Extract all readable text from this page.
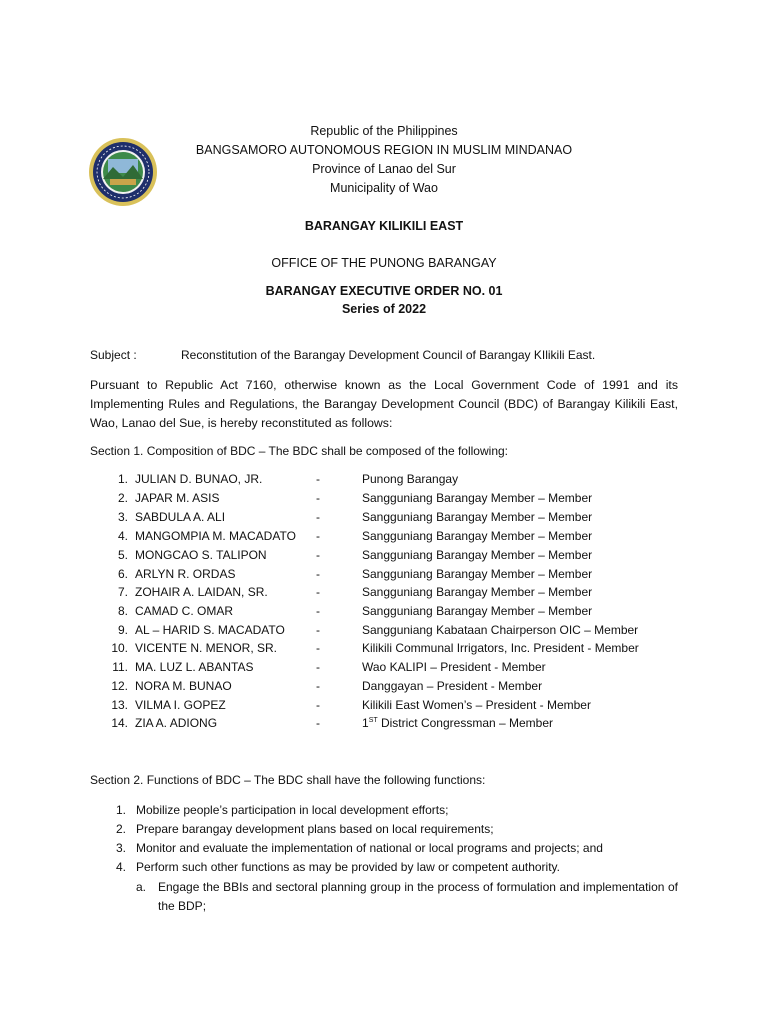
Republic of the Philippines
BANGSAMORO AUTONOMOUS REGION IN MUSLIM MINDANAO
Province of Lanao del Sur
Municipality of Wao
BARANGAY KILIKILI EAST
OFFICE OF THE PUNONG BARANGAY
BARANGAY EXECUTIVE ORDER NO. 01
Series of 2022
Subject :	Reconstitution of the Barangay Development Council of Barangay KIlikili East.
Pursuant to Republic Act 7160, otherwise known as the Local Government Code of 1991 and its Implementing Rules and Regulations, the Barangay Development Council (BDC) of Barangay Kilikili East, Wao, Lanao del Sue, is hereby reconstituted as follows:
Section 1. Composition of BDC – The BDC shall be composed of the following:
1. JULIAN D. BUNAO, JR.	-	Punong Barangay
2. JAPAR M. ASIS	-	Sangguniang Barangay Member – Member
3. SABDULA A. ALI	-	Sangguniang Barangay Member – Member
4. MANGOMPIA M. MACADATO -	Sangguniang Barangay Member – Member
5. MONGCAO S. TALIPON	-	Sangguniang Barangay Member – Member
6. ARLYN R. ORDAS	-	Sangguniang Barangay Member – Member
7. ZOHAIR A. LAIDAN, SR.	-	Sangguniang Barangay Member – Member
8. CAMAD C. OMAR	-	Sangguniang Barangay Member – Member
9. AL – HARID S. MACADATO	-	Sangguniang Kabataan Chairperson OIC – Member
10. VICENTE N. MENOR, SR.	-	Kilikili Communal Irrigators, Inc. President - Member
11. MA. LUZ L. ABANTAS	-	Wao KALIPI – President - Member
12. NORA M. BUNAO	-	Danggayan – President - Member
13. VILMA I. GOPEZ	-	Kilikili East Women’s – President - Member
14. ZIA A. ADIONG	-	1ST District Congressman – Member
Section 2. Functions of BDC – The BDC shall have the following functions:
1. Mobilize people’s participation in local development efforts;
2. Prepare barangay development plans based on local requirements;
3. Monitor and evaluate the implementation of national or local programs and projects; and
4. Perform such other functions as may be provided by law or competent authority.
a. Engage the BBIs and sectoral planning group in the process of formulation and implementation of the BDP;
